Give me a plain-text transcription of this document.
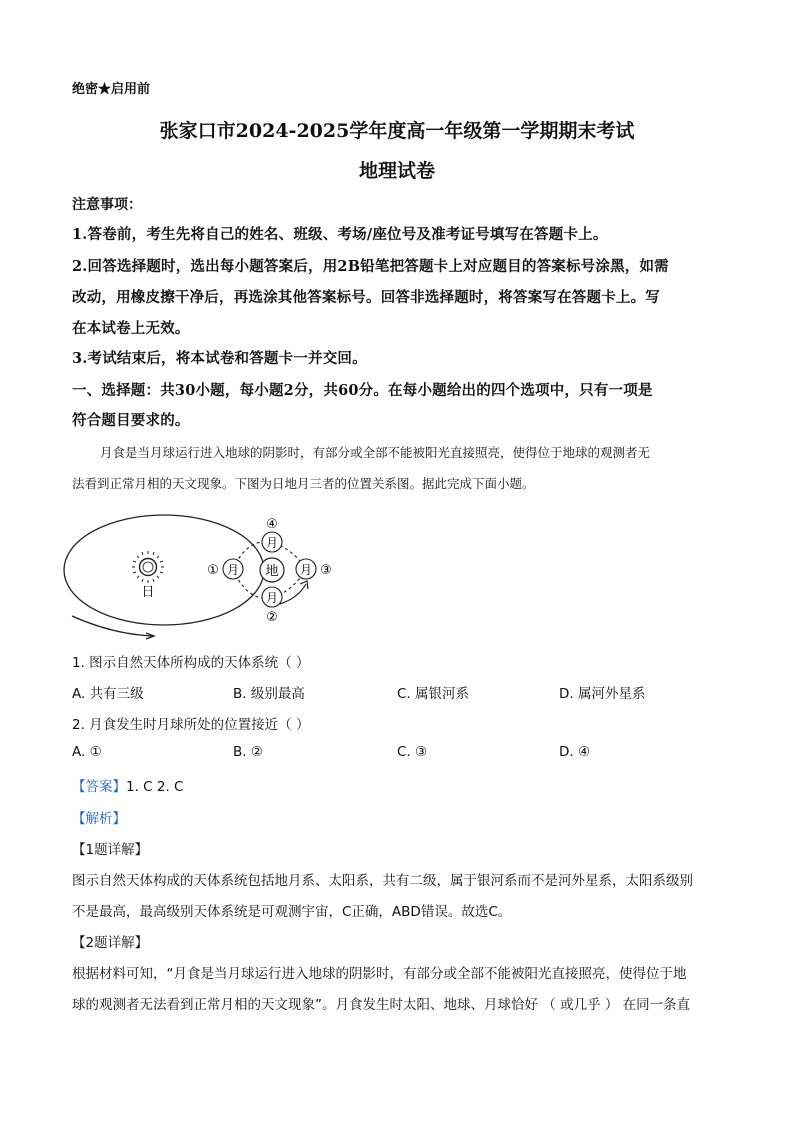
绝密★启用前
张家口市2024-2025学年度高一年级第一学期期末考试
地理试卷
注意事项：
1.答卷前，考生先将自己的姓名、班级、考场/座位号及准考证号填写在答题卡上。
2.回答选择题时，选出每小题答案后，用2B铅笔把答题卡上对应题目的答案标号涂黑，如需
改动，用橡皮擦干净后，再选涂其他答案标号。回答非选择题时，将答案写在答题卡上。写
在本试卷上无效。
3.考试结束后，将本试卷和答题卡一并交回。
一、选择题：共30小题，每小题2分，共60分。在每小题给出的四个选项中，只有一项是
符合题目要求的。
月食是当月球运行进入地球的阴影时，有部分或全部不能被阳光直接照亮，使得位于地球的观测者无
法看到正常月相的天文现象。下图为日地月三者的位置关系图。据此完成下面小题。
日
地
月
①
月
④
月
②
月 ③
1. 图示自然天体所构成的天体系统（ ）
A. 共有三级	B. 级别最高	C. 属银河系	D. 属河外星系
2. 月食发生时月球所处的位置接近（ ）
A. ①	B. ②	C. ③	D. ④
【答案】1. C 2. C
【解析】
【1题详解】
图示自然天体构成的天体系统包括地月系、太阳系，共有二级，属于银河系而不是河外星系，太阳系级别
不是最高，最高级别天体系统是可观测宇宙，C正确，ABD错误。故选C。
【2题详解】
根据材料可知，“月食是当月球运行进入地球的阴影时，有部分或全部不能被阳光直接照亮，使得位于地
球的观测者无法看到正常月相的天文现象”。月食发生时太阳、地球、月球恰好 （ 或几乎 ） 在同一条直
